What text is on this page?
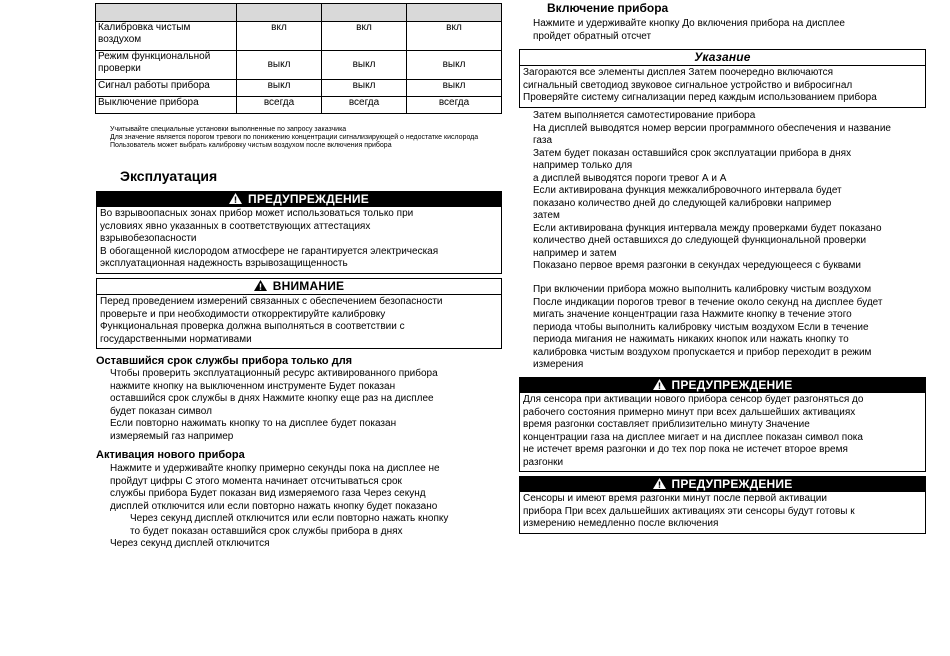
Калибровка чистым воздухом	вкл	вкл	вкл
Режим функциональной проверки	выкл	выкл	выкл
Сигнал работы прибора	выкл	выкл	выкл
Выключение прибора	всегда	всегда	всегда
Учитывайте специальные установки выполненные по запросу заказчика
Для значение является порогом тревоги по понижению концентрации сигнализирующей о недостатке кислорода
Пользователь может выбрать калибровку чистым воздухом после включения прибора
Эксплуатация
ПРЕДУПРЕЖДЕНИЕ
Во взрывоопасных зонах прибор может использоваться только при
условиях явно указанных в соответствующих аттестациях
взрывобезопасности
В обогащенной кислородом атмосфере не гарантируется электрическая
эксплуатационная надежность взрывозащищенность
ВНИМАНИЕ
Перед проведением измерений связанных с обеспечением безопасности
проверьте и при необходимости откорректируйте калибровку
Функциональная проверка должна выполняться в соответствии с
государственными нормативами
Оставшийся срок службы прибора только для
Чтобы проверить эксплуатационный ресурс активированного прибора
нажмите кнопку на выключенном инструменте Будет показан
оставшийся срок службы в днях Нажмите кнопку еще раз на дисплее
будет показан символ
Если повторно нажимать кнопку то на дисплее будет показан
измеряемый газ например
Активация нового прибора
Нажмите и удерживайте кнопку примерно секунды пока на дисплее не
пройдут цифры С этого момента начинает отсчитываться срок
службы прибора Будет показан вид измеряемого газа Через секунд
дисплей отключится или если повторно нажать кнопку будет показано
Через секунд дисплей отключится или если повторно нажать кнопку
то будет показан оставшийся срок службы прибора в днях
Через секунд дисплей отключится
Включение прибора
Нажмите и удерживайте кнопку До включения прибора на дисплее
пройдет обратный отсчет
Указание
Загораются все элементы дисплея Затем поочередно включаются
сигнальный светодиод звуковое сигнальное устройство и вибросигнал
Проверяйте систему сигнализации перед каждым использованием прибора
Затем выполняется самотестирование прибора
На дисплей выводятся номер версии программного обеспечения и название
газа
Затем будет показан оставшийся срок эксплуатации прибора в днях
например только для
а дисплей выводятся пороги тревог А и А
Если активирована функция межкалибровочного интервала будет
показано количество дней до следующей калибровки например
затем
Если активирована функция интервала между проверками будет показано
количество дней оставшихся до следующей функциональной проверки
например и затем
Показано первое время разгонки в секундах чередующееся с буквами
При включении прибора можно выполнить калибровку чистым воздухом
После индикации порогов тревог в течение около секунд на дисплее будет
мигать значение концентрации газа Нажмите кнопку в течение этого
периода чтобы выполнить калибровку чистым воздухом Если в течение
периода мигания не нажимать никаких кнопок или нажать кнопку то
калибровка чистым воздухом пропускается и прибор переходит в режим
измерения
ПРЕДУПРЕЖДЕНИЕ
Для сенсора при активации нового прибора сенсор будет разгоняться до
рабочего состояния примерно минут при всех дальшейших активациях
время разгонки составляет приблизительно минуту Значение
концентрации газа на дисплее мигает и на дисплее показан символ пока
не истечет время разгонки и до тех пор пока не истечет второе время
разгонки
ПРЕДУПРЕЖДЕНИЕ
Сенсоры и имеют время разгонки минут после первой активации
прибора При всех дальшейших активациях эти сенсоры будут готовы к
измерению немедленно после включения
